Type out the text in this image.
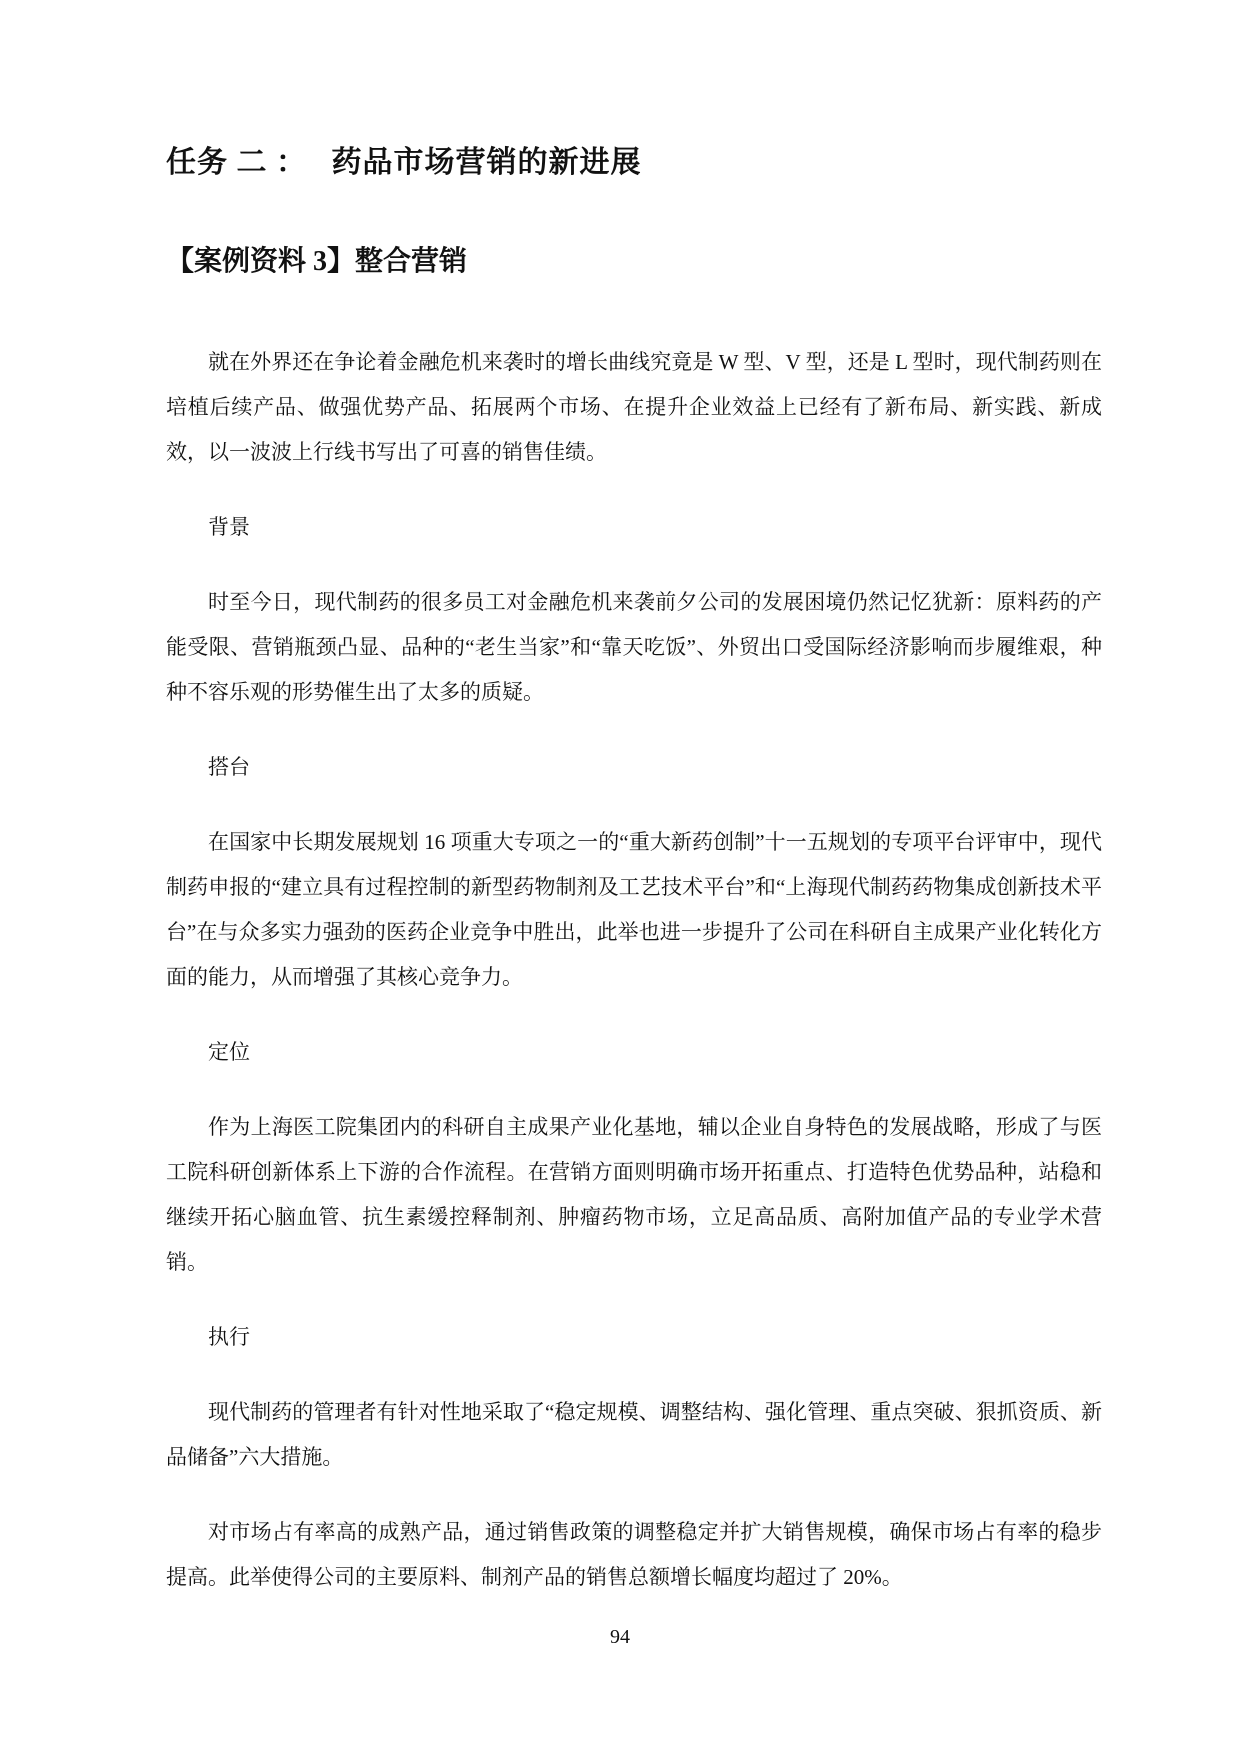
任务 二 ：　 药品市场营销的新进展
【案例资料 3】整合营销

就在外界还在争论着金融危机来袭时的增长曲线究竟是 W 型、V 型，还是 L 型时，现代制药则在培植后续产品、做强优势产品、拓展两个市场、在提升企业效益上已经有了新布局、新实践、新成效，以一波波上行线书写出了可喜的销售佳绩。

背景

时至今日，现代制药的很多员工对金融危机来袭前夕公司的发展困境仍然记忆犹新：原料药的产能受限、营销瓶颈凸显、品种的“老生当家”和“靠天吃饭”、外贸出口受国际经济影响而步履维艰，种种不容乐观的形势催生出了太多的质疑。

搭台

在国家中长期发展规划 16 项重大专项之一的“重大新药创制”十一五规划的专项平台评审中，现代制药申报的“建立具有过程控制的新型药物制剂及工艺技术平台”和“上海现代制药药物集成创新技术平台”在与众多实力强劲的医药企业竞争中胜出，此举也进一步提升了公司在科研自主成果产业化转化方面的能力，从而增强了其核心竞争力。

定位

作为上海医工院集团内的科研自主成果产业化基地，辅以企业自身特色的发展战略，形成了与医工院科研创新体系上下游的合作流程。在营销方面则明确市场开拓重点、打造特色优势品种，站稳和继续开拓心脑血管、抗生素缓控释制剂、肿瘤药物市场，立足高品质、高附加值产品的专业学术营销。

执行

现代制药的管理者有针对性地采取了“稳定规模、调整结构、强化管理、重点突破、狠抓资质、新品储备”六大措施。

对市场占有率高的成熟产品，通过销售政策的调整稳定并扩大销售规模，确保市场占有率的稳步提高。此举使得公司的主要原料、制剂产品的销售总额增长幅度均超过了 20%。

94
